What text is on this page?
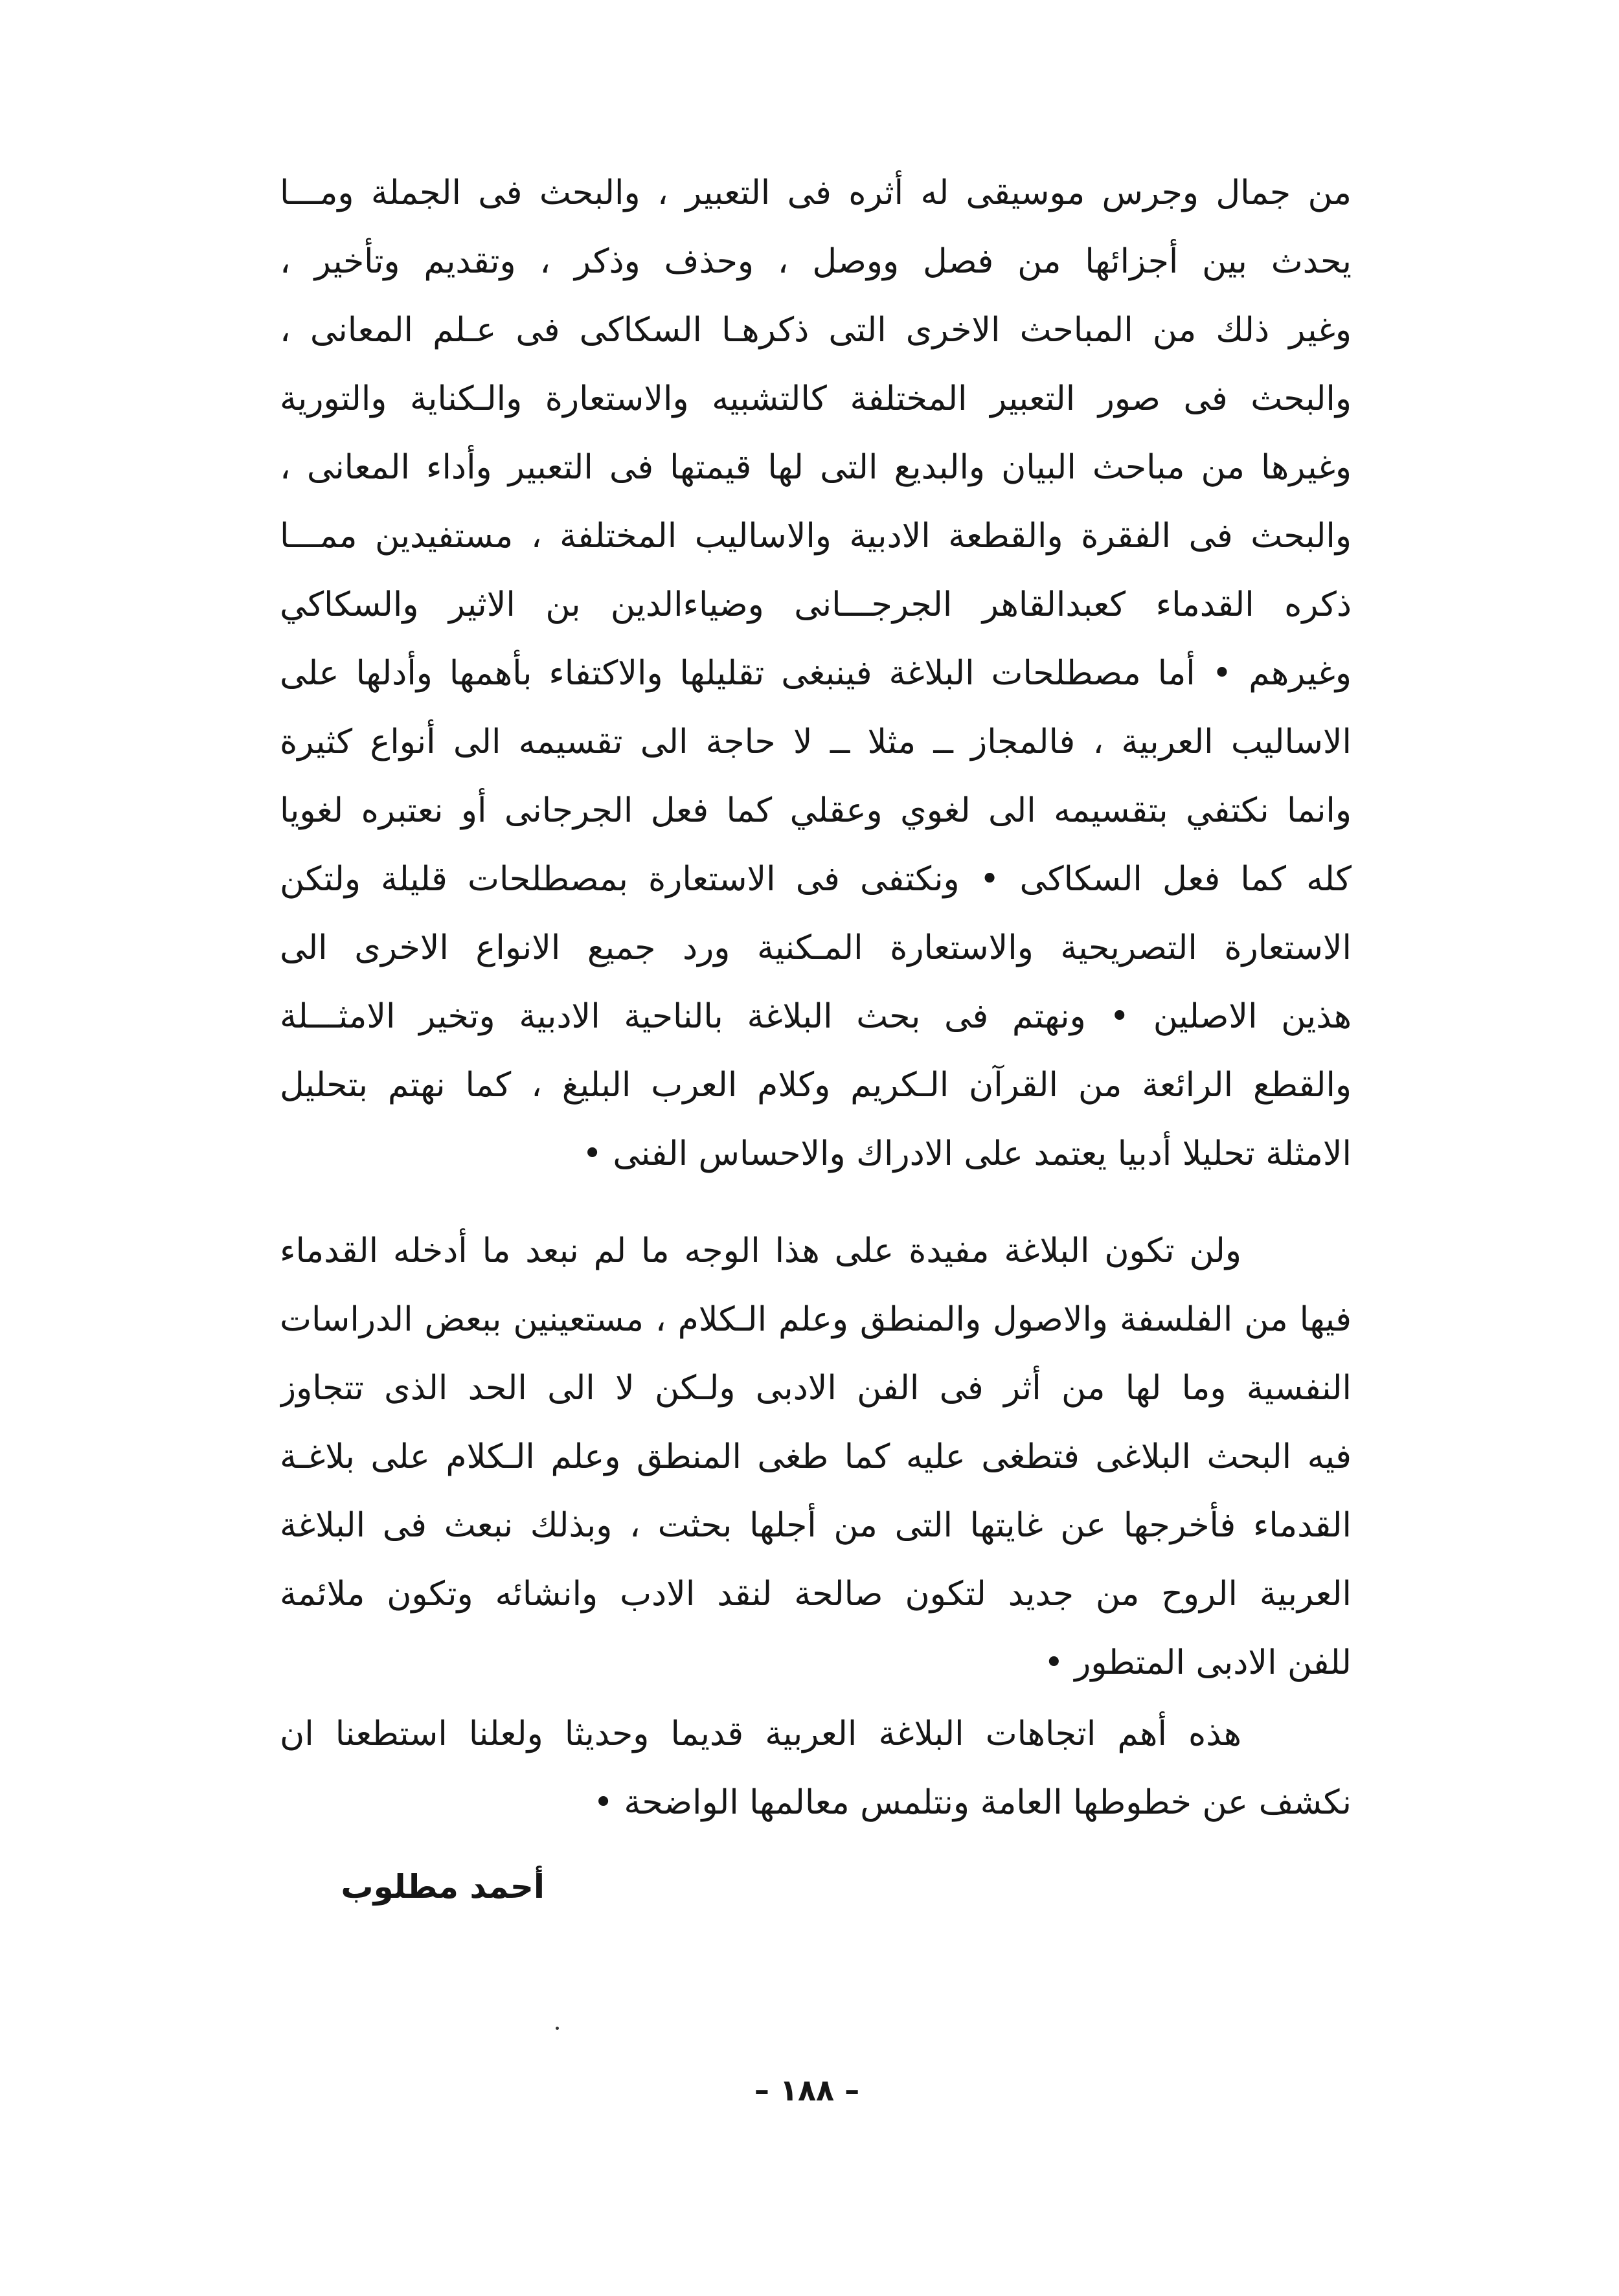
من جمال وجرس موسيقى له أثره فى التعبير ، والبحث فى الجملة ومـــا
يحدث بين أجزائها من فصل ووصل ، وحذف وذكر ، وتقديم وتأخير ،
وغير ذلك من المباحث الاخرى التى ذكرهـا السكاكى فى عـلم المعانى ،
والبحث فى صور التعبير المختلفة كالتشبيه والاستعارة والـكناية والتورية
وغيرها من مباحث البيان والبديع التى لها قيمتها فى التعبير وأداء المعانى ،
والبحث فى الفقرة والقطعة الادبية والاساليب المختلفة ، مستفيدين ممـــا
ذكره القدماء كعبدالقاهر الجرجـــانى وضياءالدين بن الاثير والسكاكي
وغيرهم • أما مصطلحات البلاغة فينبغى تقليلها والاكتفاء بأهمها وأدلها على
الاساليب العربية ، فالمجاز ــ مثلا ــ لا حاجة الى تقسيمه الى أنواع كثيرة
وانما نكتفي بتقسيمه الى لغوي وعقلي كما فعل الجرجانى أو نعتبره لغويا
كله كما فعل السكاكى • ونكتفى فى الاستعارة بمصطلحات قليلة ولتكن
الاستعارة التصريحية والاستعارة المـكنية ورد جميع الانواع الاخرى الى
هذين الاصلين • ونهتم فى بحث البلاغة بالناحية الادبية وتخير الامثـــلة
والقطع الرائعة من القرآن الـكريم وكلام العرب البليغ ، كما نهتم بتحليل
الامثلة تحليلا أدبيا يعتمد على الادراك والاحساس الفنى •
ولن تكون البلاغة مفيدة على هذا الوجه ما لم نبعد ما أدخله القدماء
فيها من الفلسفة والاصول والمنطق وعلم الـكلام ، مستعينين ببعض الدراسات
النفسية وما لها من أثر فى الفن الادبى ولـكن لا الى الحد الذى تتجاوز
فيه البحث البلاغى فتطغى عليه كما طغى المنطق وعلم الـكلام على بلاغـة
القدماء فأخرجها عن غايتها التى من أجلها بحثت ، وبذلك نبعث فى البلاغة
العربية الروح من جديد لتكون صالحة لنقد الادب وانشائه وتكون ملائمة
للفن الادبى المتطور •
هذه أهم اتجاهات البلاغة العربية قديما وحديثا ولعلنا استطعنا ان
نكشف عن خطوطها العامة ونتلمس معالمها الواضحة •
أحمد مطلوب
– ١٨٨ –
